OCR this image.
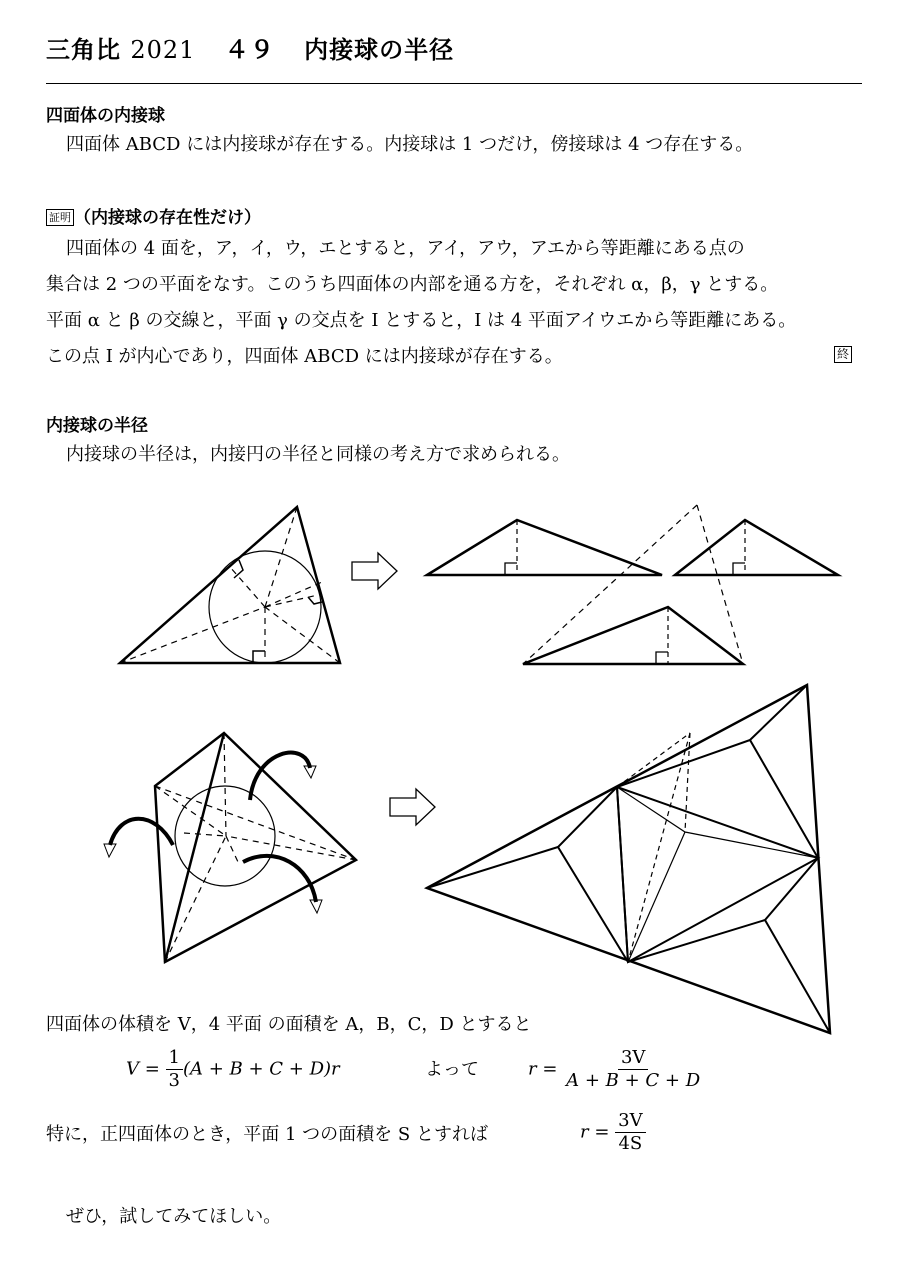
三角比 2021 ４９ 内接球の半径
四面体の内接球
四面体 ABCD には内接球が存在する。内接球は 1 つだけ，傍接球は 4 つ存在する。
証明 （内接球の存在性だけ）
四面体の 4 面を，ア，イ，ウ，エとすると，アイ，アウ，アエから等距離にある点の
集合は 2 つの平面をなす。このうち四面体の内部を通る方を，それぞれ α，β，γ とする。
平面 α と β の交線と，平面 γ の交点を I とすると，I は 4 平面アイウエから等距離にある。
この点 I が内心であり，四面体 ABCD には内接球が存在する。	終
内接球の半径
内接球の半径は，内接円の半径と同様の考え方で求められる。
四面体の体積を V，4 平面 の面積を A，B，C，D とすると
$V = \frac{1}{3} (A + B + C + D)r$	よって	$r = \frac{3V}{A + B + C + D}$
特に，正四面体のとき，平面 1 つの面積を S とすれば	$r = \frac{3V}{4S}$
ぜひ，試してみてほしい。
